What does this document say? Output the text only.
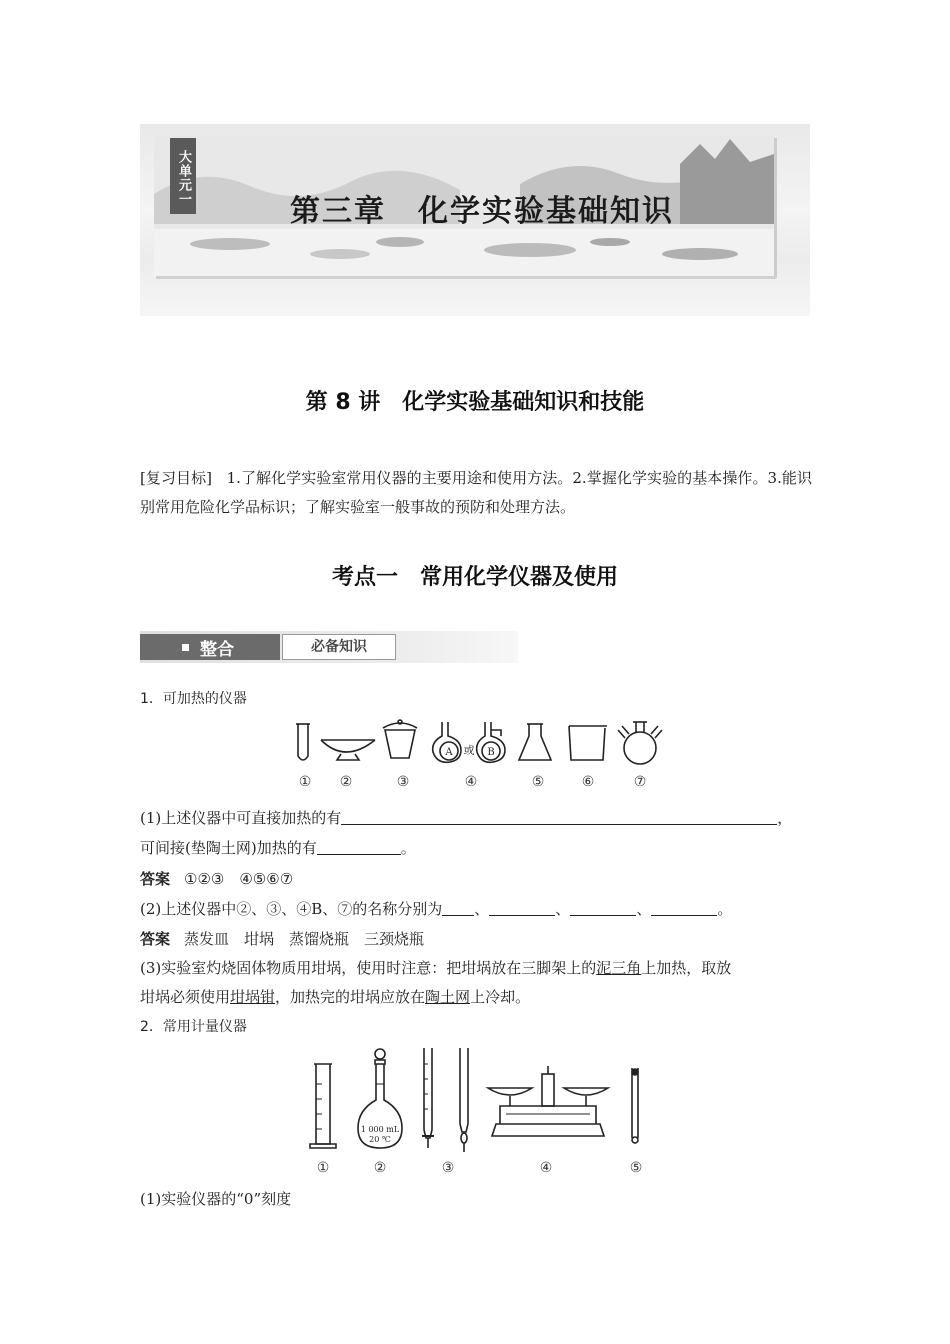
大单元一
第三章　化学实验基础知识
第 8 讲　化学实验基础知识和技能
[复习目标] 1.了解化学实验室常用仪器的主要用途和使用方法。2.掌握化学实验的基本操作。3.能识别常用危险化学品标识；了解实验室一般事故的预防和处理方法。
考点一　常用化学仪器及使用
整合	必备知识
1．可加热的仪器
A 或 B
① ②	③	④	⑤	⑥	⑦
(1)上述仪器中可直接加热的有	，
可间接(垫陶土网)加热的有	。
答案 ①②③　④⑤⑥⑦
(2)上述仪器中②、③、④B、⑦的名称分别为 、	、	、	。
答案 蒸发皿　坩埚　蒸馏烧瓶　三颈烧瓶
(3)实验室灼烧固体物质用坩埚，使用时注意：把坩埚放在三脚架上的泥三角上加热，取放
坩埚必须使用坩埚钳，加热完的坩埚应放在陶土网上冷却。
2．常用计量仪器
1 000 mL
20 ℃
①	②	③	④	⑤
(1)实验仪器的“0”刻度
